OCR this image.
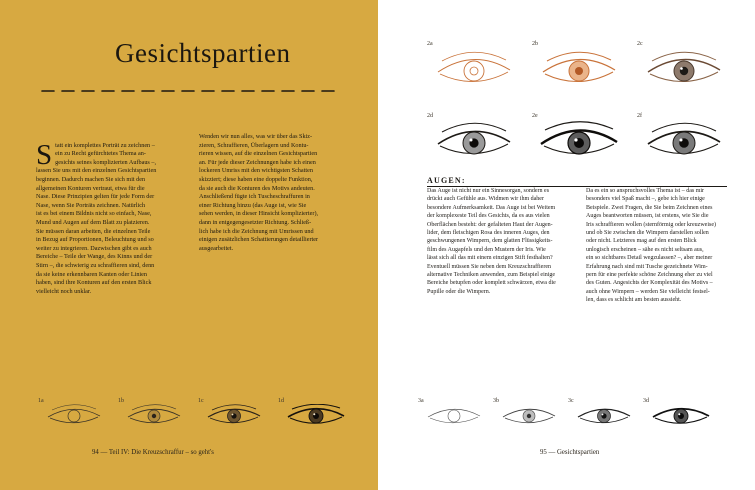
Gesichtspartien

Statt ein komplettes Porträt zu zeichnen –
ein zu Recht gefürchtetes Thema an-
gesichts seines komplizierten Aufbaus –,
lassen Sie uns mit den einzelnen Gesichtspartien
beginnen. Dadurch machen Sie sich mit den
allgemeinen Konturen vertraut, etwa für die
Nase. Diese Prinzipien gelten für jede Form der
Nase, wenn Sie Porträts zeichnen. Natürlich
ist es bei einem Bildnis nicht so einfach, Nase,
Mund und Augen auf dem Blatt zu platzieren.
Sie müssen daran arbeiten, die einzelnen Teile
in Bezug auf Proportionen, Beleuchtung und so
weiter zu integrieren. Dazwischen gibt es auch
Bereiche – Teile der Wange, des Kinns und der
Stirn –, die schwierig zu schraffieren sind, denn
da sie keine erkennbaren Kanten oder Linien
haben, sind ihre Konturen auf den ersten Blick
vielleicht noch unklar.

Wenden wir nun alles, was wir über das Skiz-
zieren, Schraffieren, Überlagern und Kontu-
rieren wissen, auf die einzelnen Gesichtspartien
an. Für jede dieser Zeichnungen habe ich einen
lockeren Umriss mit den wichtigsten Schatten
skizziert; diese haben eine doppelte Funktion,
da sie auch die Konturen des Motivs andeuten.
Anschließend fügte ich Tuscheschraffuren in
einer Richtung hinzu (das Auge ist, wie Sie
sehen werden, in dieser Hinsicht komplizierter),
dann in entgegengesetzter Richtung. Schließ-
lich habe ich die Zeichnung mit Umrissen und
einigen zusätzlichen Schattierungen detaillierter
ausgearbeitet.
1a	1b	1c	1d
94 — Teil IV: Die Kreuzschraffur – so geht's
2a	2b	2c
2d	2e	2f
AUGEN:
Das Auge ist nicht nur ein Sinnesorgan, sondern es
drückt auch Gefühle aus. Widmen wir ihm daher
besondere Aufmerksamkeit. Das Auge ist bei Weitem
der komplexeste Teil des Gesichts, da es aus vielen
Oberflächen besteht: der gefalteten Haut der Augen-
lider, dem fleischigen Rosa des inneren Auges, den
geschwungenen Wimpern, dem glatten Flüssigkeits-
film des Augapfels und den Mustern der Iris. Wie
lässt sich all das mit einem einzigen Stift festhalten?
Eventuell müssen Sie neben dem Kreuzschraffieren
alternative Techniken anwenden, zum Beispiel einige
Bereiche betupfen oder komplett schwärzen, etwa die
Pupille oder die Wimpern.
Da es ein so anspruchsvolles Thema ist – das mir
besonders viel Spaß macht –, gebe ich hier einige
Beispiele. Zwei Fragen, die Sie beim Zeichnen eines
Auges beantworten müssen, ist erstens, wie Sie die
Iris schraffieren wollen (sternförmig oder kreuzweise)
und ob Sie zwischen die Wimpern darstellen sollen
oder nicht. Letzteres mag auf den ersten Blick
unlogisch erscheinen – sähe es nicht seltsam aus,
ein so sichtbares Detail wegzulassen? –, aber meiner
Erfahrung nach sind mit Tusche gezeichnete Wim-
pern für eine perfekte schöne Zeichnung eher zu viel
des Guten. Angesichts der Komplexität des Motivs –
auch ohne Wimpern – werden Sie vielleicht festsel-
len, dass es schlicht am besten aussieht.
3a	3b	3c	3d
95 — Gesichtspartien
